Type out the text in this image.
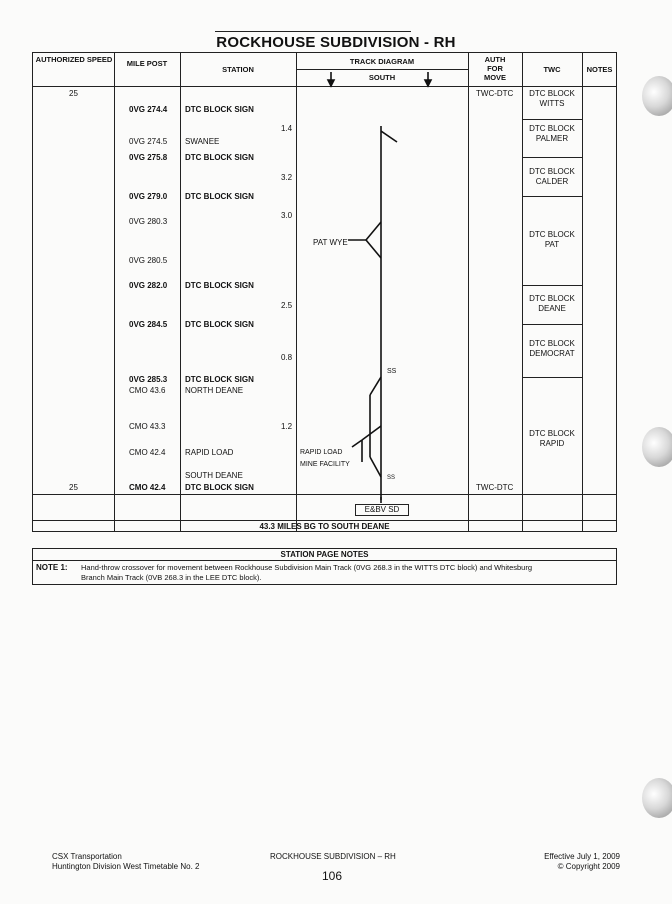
ROCKHOUSE SUBDIVISION - RH
AUTHORIZED SPEED	MILE POST
STATION
TRACK DIAGRAM
SOUTH
AUTH FOR MOVE
TWC	NOTES
25
25
TWC-DTC
TWC-DTC
0VG 274.4 DTC BLOCK SIGN
0VG 274.5 SWANEE
0VG 275.8 DTC BLOCK SIGN
0VG 279.0 DTC BLOCK SIGN
0VG 280.3
0VG 280.5
0VG 282.0 DTC BLOCK SIGN
0VG 284.5 DTC BLOCK SIGN
0VG 285.3 DTC BLOCK SIGN
CMO 43.6 NORTH DEANE
CMO 43.3
CMO 42.4 RAPID LOAD
SOUTH DEANE
CMO 42.4 DTC BLOCK SIGN
1.4
3.2
3.0
2.5
0.8
1.2
DTC BLOCK WITTS
DTC BLOCK PALMER
DTC BLOCK CALDER
DTC BLOCK PAT
DTC BLOCK DEANE
DTC BLOCK DEMOCRAT
DTC BLOCK RAPID
PAT WYE
RAPID LOAD
MINE FACILITY
SS
SS
E&BV SD
43.3 MILES BG TO SOUTH DEANE
STATION PAGE NOTES
NOTE 1: Hand-throw crossover for movement between Rockhouse Subdivision Main Track (0VG 268.3 in the WITTS DTC block) and Whitesburg
Branch Main Track (0VB 268.3 in the LEE DTC block).
CSX Transportation
Huntington Division West Timetable No. 2
ROCKHOUSE SUBDIVISION – RH
106
Effective July 1, 2009
© Copyright 2009
